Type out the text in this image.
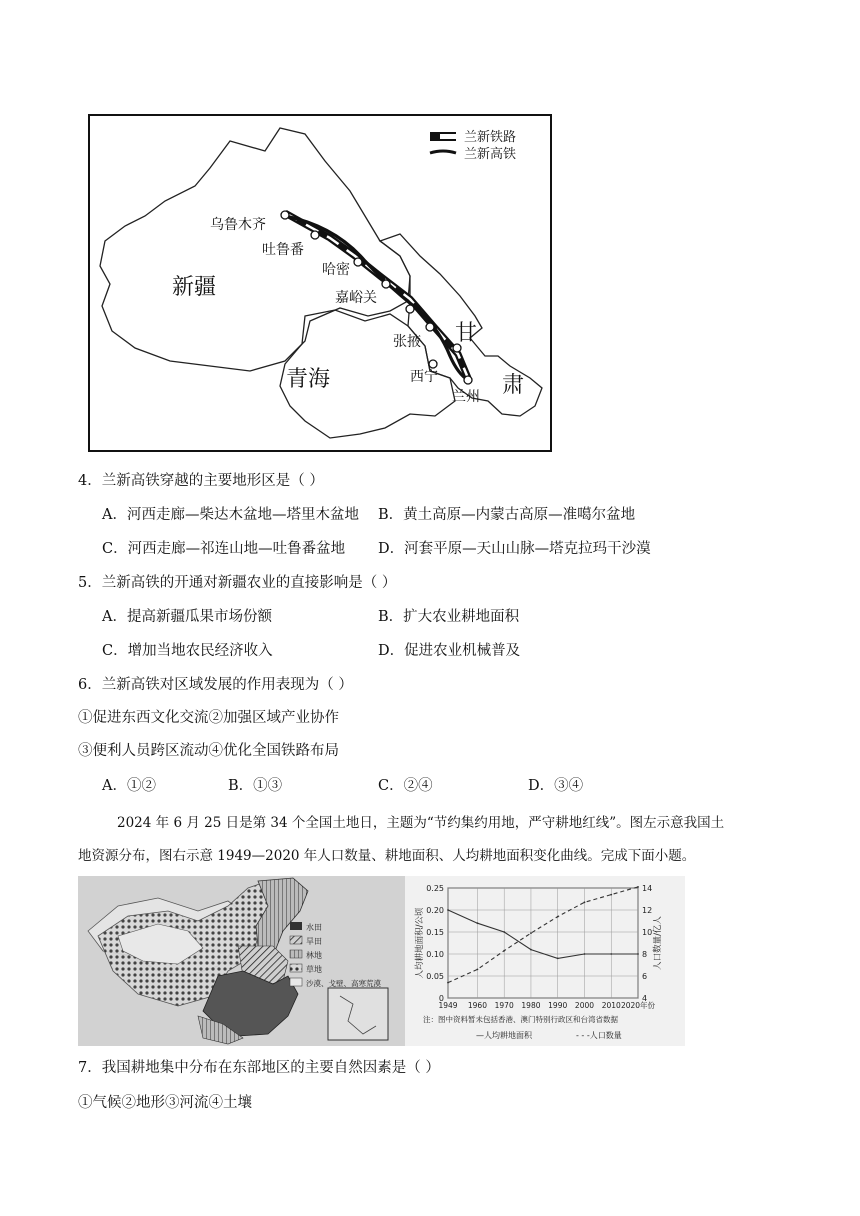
兰新铁路
兰新高铁
新疆
青海
甘
肃
乌鲁木齐
吐鲁番
哈密
嘉峪关
张掖
西宁
兰州
4．兰新高铁穿越的主要地形区是（ ）
A．河西走廊—柴达木盆地—塔里木盆地 B．黄土高原—内蒙古高原—准噶尔盆地
C．河西走廊—祁连山地—吐鲁番盆地 D．河套平原—天山山脉—塔克拉玛干沙漠
5．兰新高铁的开通对新疆农业的直接影响是（ ）
A．提高新疆瓜果市场份额	B．扩大农业耕地面积
C．增加当地农民经济收入	D．促进农业机械普及
6．兰新高铁对区域发展的作用表现为（ ）
①促进东西文化交流②加强区域产业协作
③便利人员跨区流动④优化全国铁路布局
A．①②	B．①③	C．②④	D．③④
2024 年 6 月 25 日是第 34 个全国土地日，主题为“节约集约用地，严守耕地红线”。图左示意我国土
地资源分布，图右示意 1949—2020 年人口数量、耕地面积、人均耕地面积变化曲线。完成下面小题。
水田
旱田
林地
草地
沙漠、戈壁、高寒荒漠
1949 1960 1970 1980 1990 2000 2010 2020年份
0
0.05
0.10
0.15
0.20
0.25
4
6
8
10
12
14
人均耕地面积/公顷	人口数量/亿人
注：图中资料暂未包括香港、澳门特别行政区和台湾省数据
—人均耕地面积	- - -人口数量
7．我国耕地集中分布在东部地区的主要自然因素是（ ）
①气候②地形③河流④土壤
